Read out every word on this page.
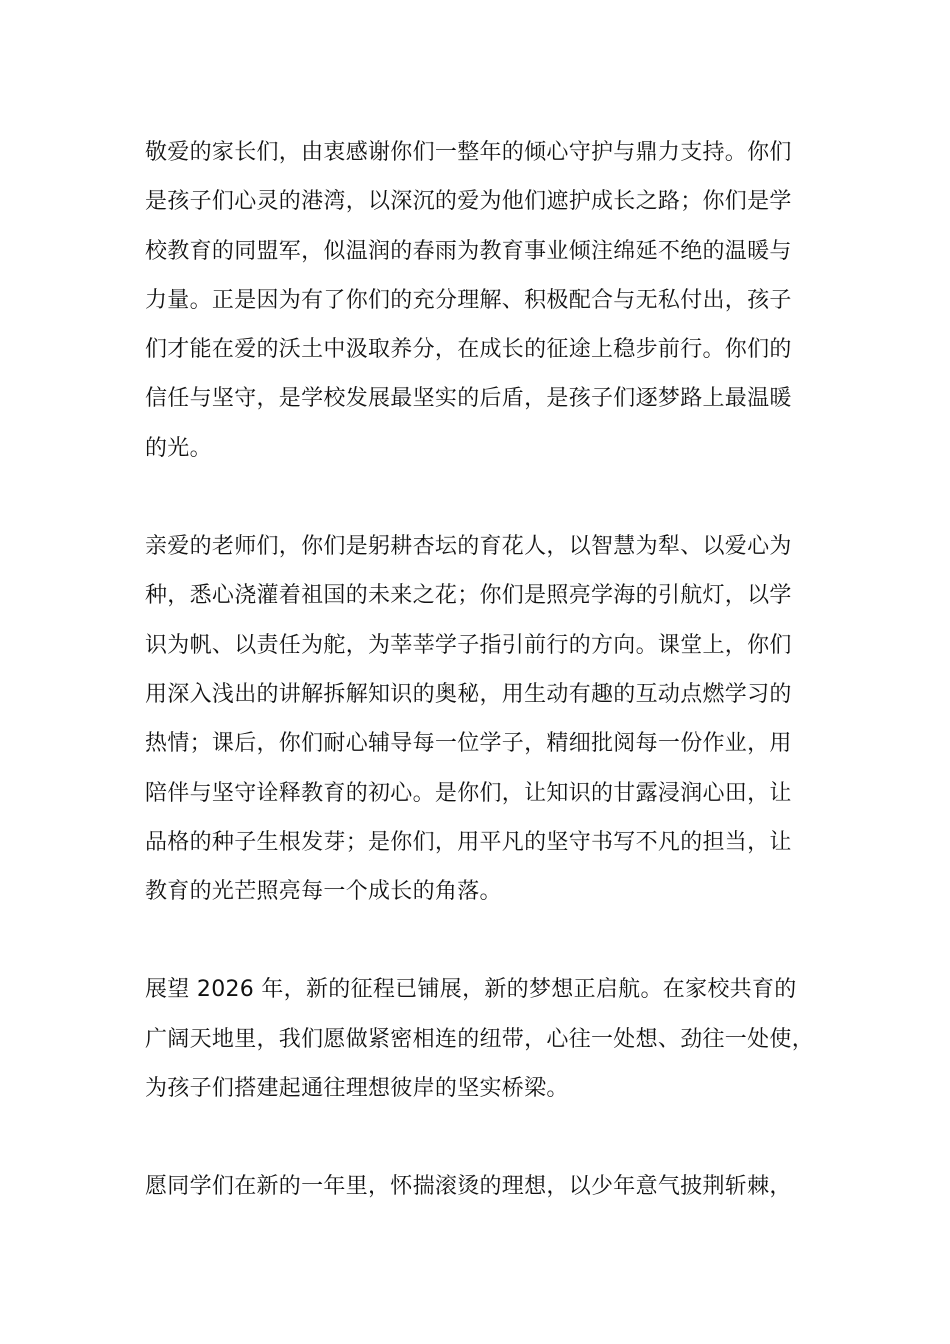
敬爱的家长们，由衷感谢你们一整年的倾心守护与鼎力支持。你们
是孩子们心灵的港湾，以深沉的爱为他们遮护成长之路；你们是学
校教育的同盟军，似温润的春雨为教育事业倾注绵延不绝的温暖与
力量。正是因为有了你们的充分理解、积极配合与无私付出，孩子
们才能在爱的沃土中汲取养分，在成长的征途上稳步前行。你们的
信任与坚守，是学校发展最坚实的后盾，是孩子们逐梦路上最温暖
的光。

亲爱的老师们，你们是躬耕杏坛的育花人，以智慧为犁、以爱心为
种，悉心浇灌着祖国的未来之花；你们是照亮学海的引航灯，以学
识为帆、以责任为舵，为莘莘学子指引前行的方向。课堂上，你们
用深入浅出的讲解拆解知识的奥秘，用生动有趣的互动点燃学习的
热情；课后，你们耐心辅导每一位学子，精细批阅每一份作业，用
陪伴与坚守诠释教育的初心。是你们，让知识的甘露浸润心田，让
品格的种子生根发芽；是你们，用平凡的坚守书写不凡的担当，让
教育的光芒照亮每一个成长的角落。

展望 2026 年，新的征程已铺展，新的梦想正启航。在家校共育的
广阔天地里，我们愿做紧密相连的纽带，心往一处想、劲往一处使，
为孩子们搭建起通往理想彼岸的坚实桥梁。

愿同学们在新的一年里，怀揣滚烫的理想，以少年意气披荆斩棘，
